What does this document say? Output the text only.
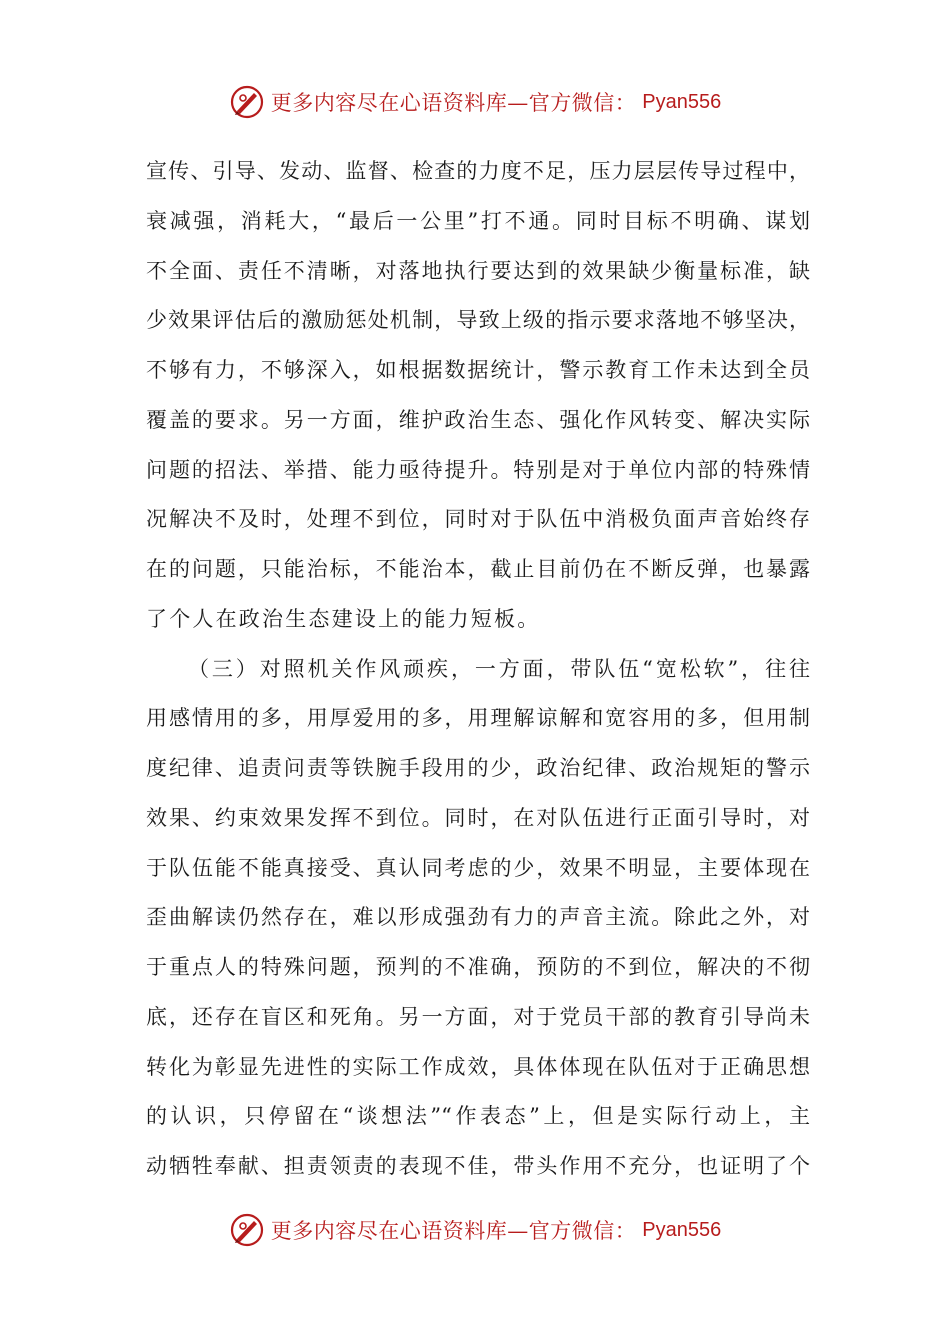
更多内容尽在心语资料库—官方微信： Pyan556
宣传、引导、发动、监督、检查的力度不足，压力层层传导过程中，
衰减强，消耗大，“最后一公里”打不通。同时目标不明确、谋划
不全面、责任不清晰，对落地执行要达到的效果缺少衡量标准，缺
少效果评估后的激励惩处机制，导致上级的指示要求落地不够坚决，
不够有力，不够深入，如根据数据统计，警示教育工作未达到全员
覆盖的要求。另一方面，维护政治生态、强化作风转变、解决实际
问题的招法、举措、能力亟待提升。特别是对于单位内部的特殊情
况解决不及时，处理不到位，同时对于队伍中消极负面声音始终存
在的问题，只能治标，不能治本，截止目前仍在不断反弹，也暴露
了个人在政治生态建设上的能力短板。
（三）对照机关作风顽疾，一方面，带队伍“宽松软”，往往
用感情用的多，用厚爱用的多，用理解谅解和宽容用的多，但用制
度纪律、追责问责等铁腕手段用的少，政治纪律、政治规矩的警示
效果、约束效果发挥不到位。同时，在对队伍进行正面引导时，对
于队伍能不能真接受、真认同考虑的少，效果不明显，主要体现在
歪曲解读仍然存在，难以形成强劲有力的声音主流。除此之外，对
于重点人的特殊问题，预判的不准确，预防的不到位，解决的不彻
底，还存在盲区和死角。另一方面，对于党员干部的教育引导尚未
转化为彰显先进性的实际工作成效，具体体现在队伍对于正确思想
的认识，只停留在“谈想法”“作表态”上，但是实际行动上，主
动牺牲奉献、担责领责的表现不佳，带头作用不充分，也证明了个
更多内容尽在心语资料库—官方微信： Pyan556
